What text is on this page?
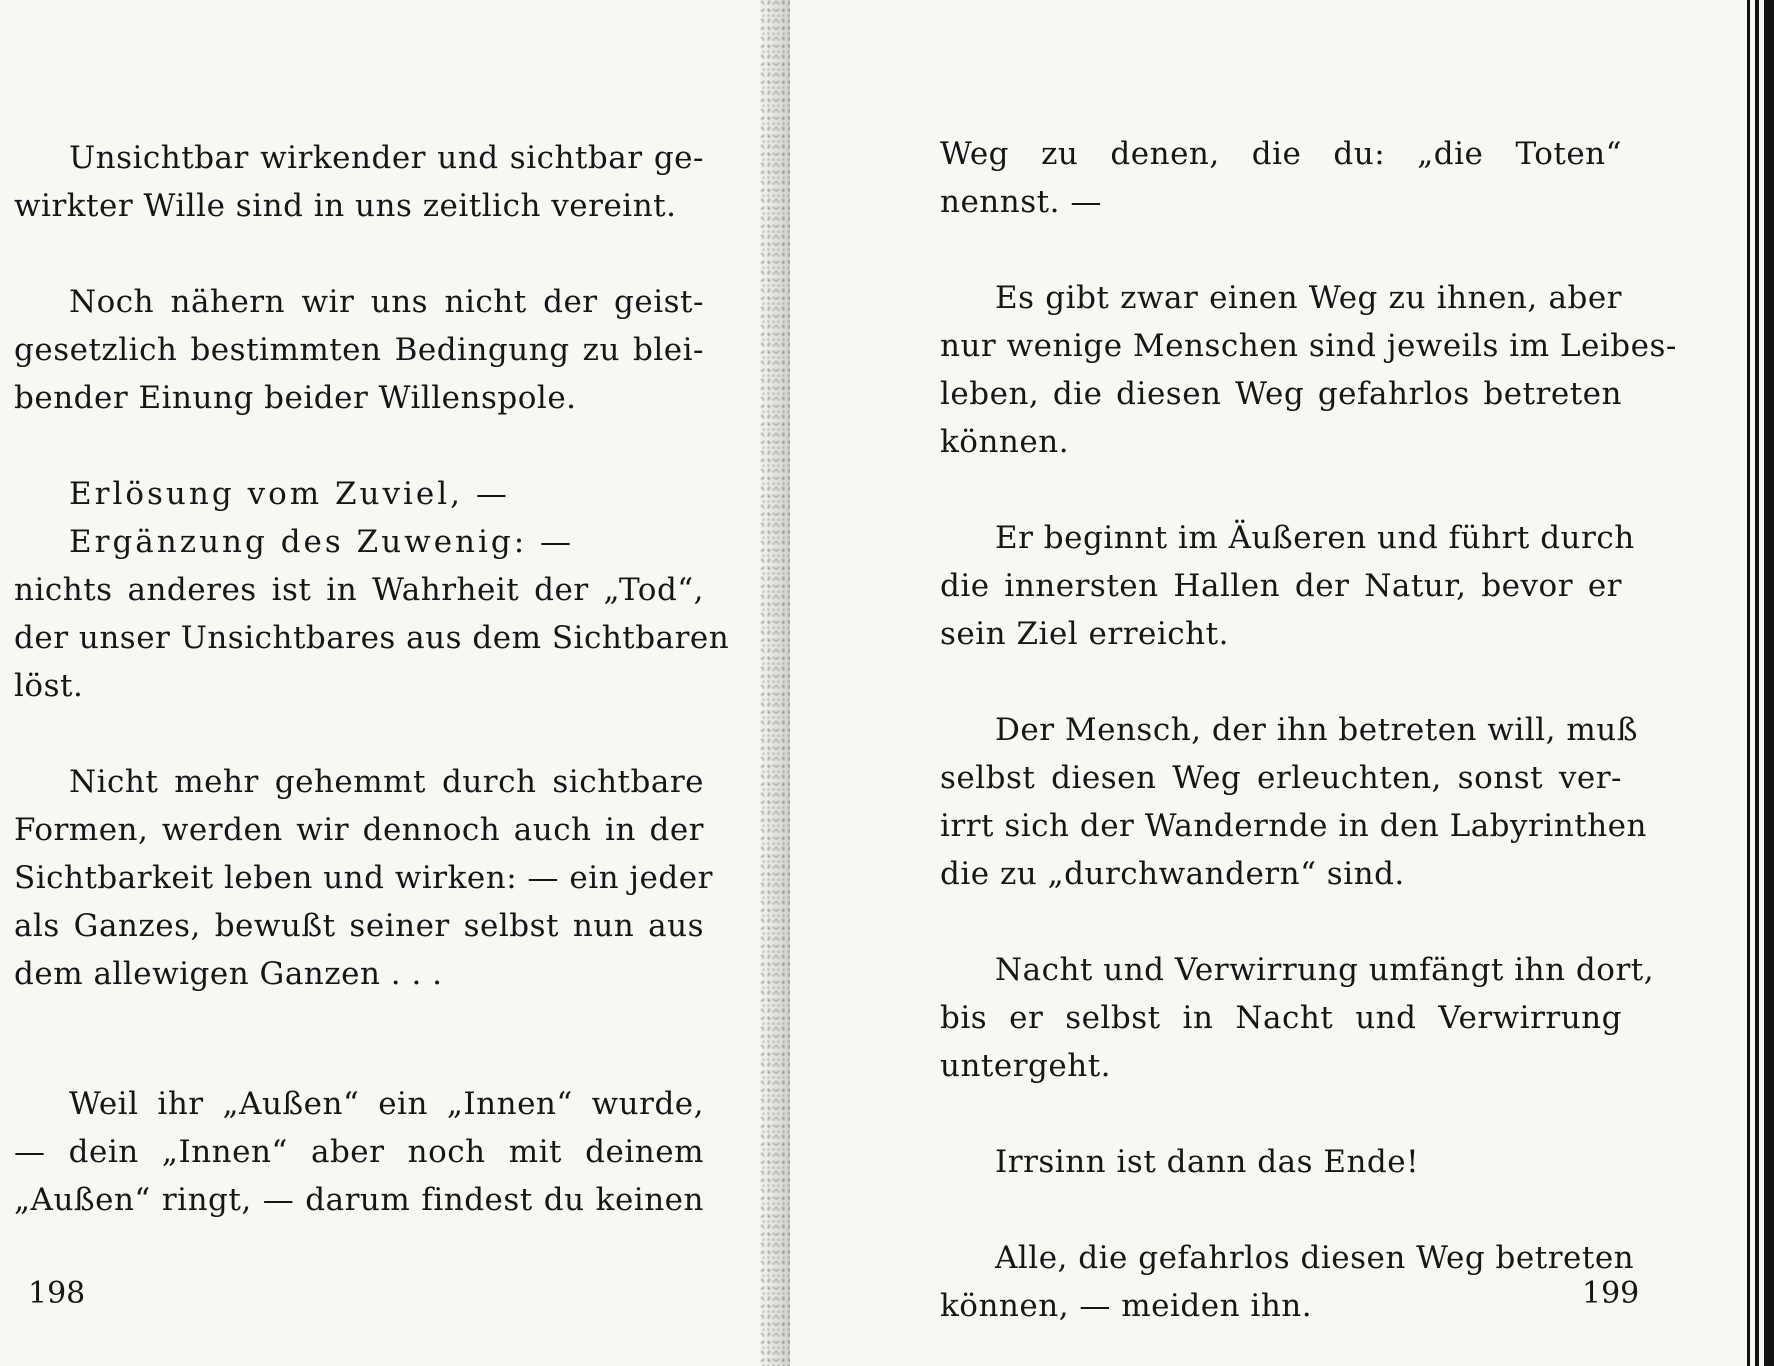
Unsichtbar wirkender und sichtbar ge-
wirkter Wille sind in uns zeitlich vereint.
Noch nähern wir uns nicht der geist-
gesetzlich bestimmten Bedingung zu blei-
bender Einung beider Willenspole.
Erlösung vom Zuviel, —
Ergänzung des Zuwenig: —
nichts anderes ist in Wahrheit der „Tod“,
der unser Unsichtbares aus dem Sichtbaren
löst.
Nicht mehr gehemmt durch sichtbare
Formen, werden wir dennoch auch in der
Sichtbarkeit leben und wirken: — ein jeder
als Ganzes, bewußt seiner selbst nun aus
dem allewigen Ganzen . . .
Weil ihr „Außen“ ein „Innen“ wurde,
— dein „Innen“ aber noch mit deinem
„Außen“ ringt, — darum findest du keinen
198
Weg zu denen, die du: „die Toten“
nennst. —
Es gibt zwar einen Weg zu ihnen, aber
nur wenige Menschen sind jeweils im Leibes-
leben, die diesen Weg gefahrlos betreten
können.
Er beginnt im Äußeren und führt durch
die innersten Hallen der Natur, bevor er
sein Ziel erreicht.
Der Mensch, der ihn betreten will, muß
selbst diesen Weg erleuchten, sonst ver-
irrt sich der Wandernde in den Labyrinthen
die zu „durchwandern“ sind.
Nacht und Verwirrung umfängt ihn dort,
bis er selbst in Nacht und Verwirrung
untergeht.
Irrsinn ist dann das Ende!
Alle, die gefahrlos diesen Weg betreten
können, — meiden ihn.	199
